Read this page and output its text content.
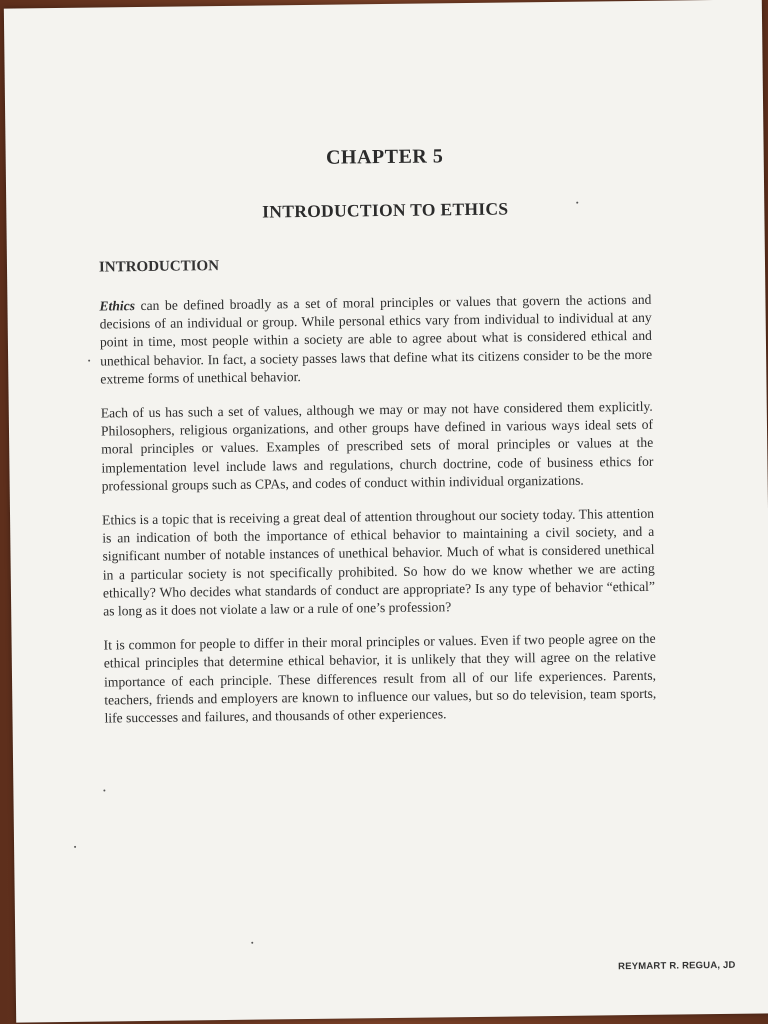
CHAPTER 5
INTRODUCTION TO ETHICS
INTRODUCTION

Ethics can be defined broadly as a set of moral principles or values that govern the actions and decisions of an individual or group. While personal ethics vary from individual to individual at any point in time, most people within a society are able to agree about what is considered ethical and unethical behavior. In fact, a society passes laws that define what its citizens consider to be the more extreme forms of unethical behavior.

Each of us has such a set of values, although we may or may not have considered them explicitly. Philosophers, religious organizations, and other groups have defined in various ways ideal sets of moral principles or values. Examples of prescribed sets of moral principles or values at the implementation level include laws and regulations, church doctrine, code of business ethics for professional groups such as CPAs, and codes of conduct within individual organizations.

Ethics is a topic that is receiving a great deal of attention throughout our society today. This attention is an indication of both the importance of ethical behavior to maintaining a civil society, and a significant number of notable instances of unethical behavior. Much of what is considered unethical in a particular society is not specifically prohibited. So how do we know whether we are acting ethically? Who decides what standards of conduct are appropriate? Is any type of behavior “ethical” as long as it does not violate a law or a rule of one’s profession?

It is common for people to differ in their moral principles or values. Even if two people agree on the ethical principles that determine ethical behavior, it is unlikely that they will agree on the relative importance of each principle. These differences result from all of our life experiences. Parents, teachers, friends and employers are known to influence our values, but so do television, team sports, life successes and failures, and thousands of other experiences.

REYMART R. REGUA, JD
